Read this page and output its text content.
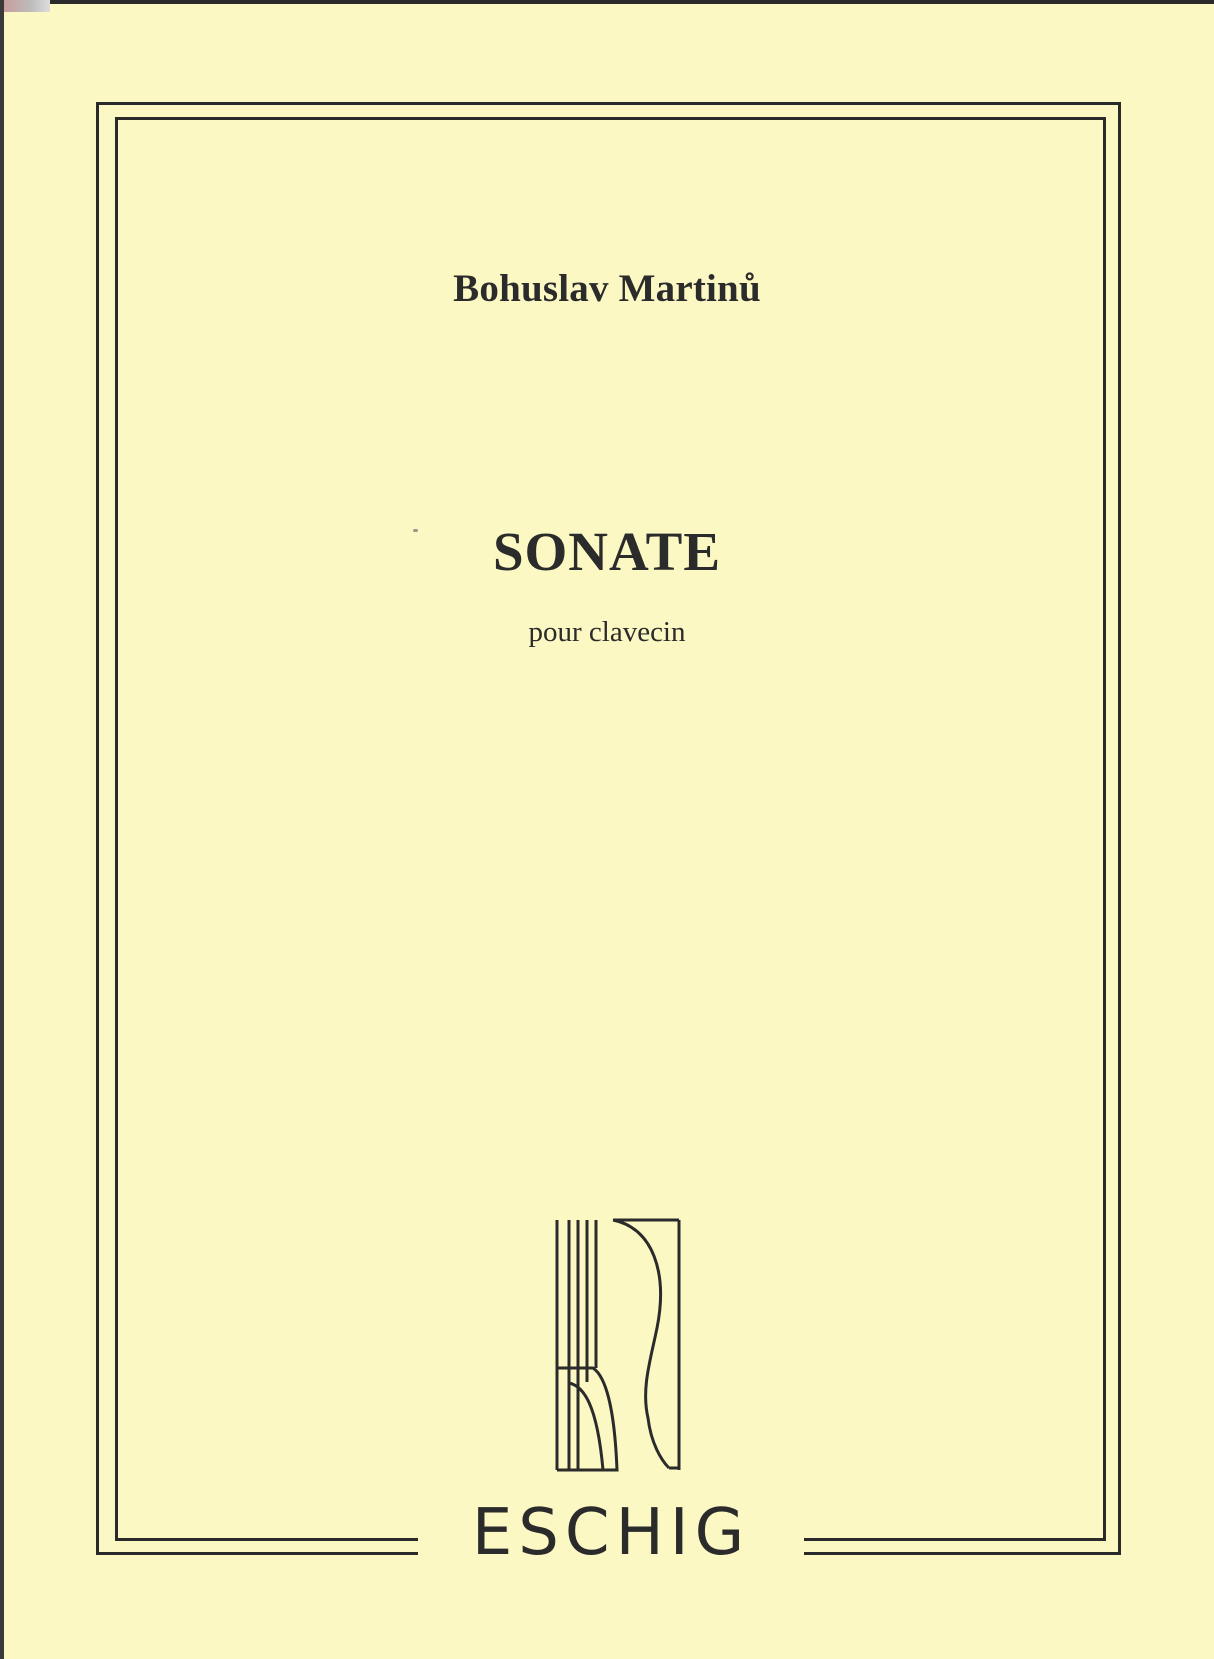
Bohuslav Martinů
SONATE
pour clavecin
ESCHIG
